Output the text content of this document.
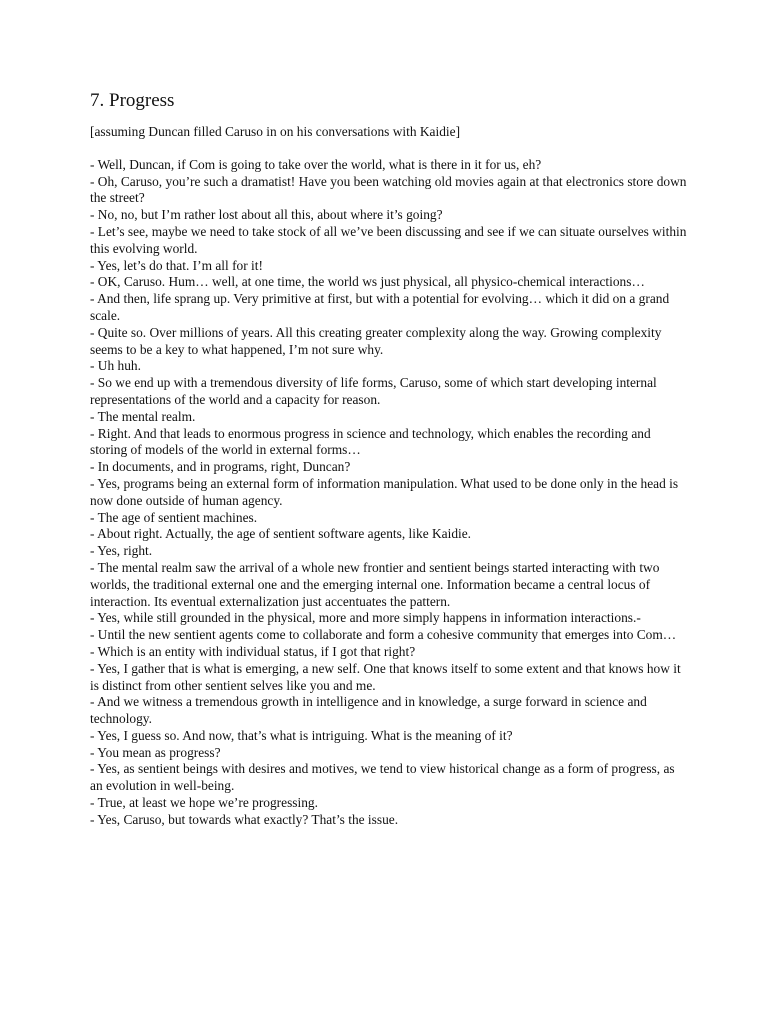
7. Progress

[assuming Duncan filled Caruso in on his conversations with Kaidie]

- Well, Duncan, if Com is going to take over the world, what is there in it for us, eh?

- Oh, Caruso, you’re such a dramatist! Have you been watching old movies again at that electronics store down the street?

- No, no, but I’m rather lost about all this, about where it’s going?

- Let’s see, maybe we need to take stock of all we’ve been discussing and see if we can situate ourselves within this evolving world.

- Yes, let’s do that. I’m all for it!

- OK, Caruso. Hum… well, at one time, the world ws just physical, all physico-chemical interactions…

- And then, life sprang up. Very primitive at first, but with a potential for evolving… which it did on a grand scale.

- Quite so. Over millions of years. All this creating greater complexity along the way. Growing complexity seems to be a key to what happened, I’m not sure why.

- Uh huh.

- So we end up with a tremendous diversity of life forms, Caruso, some of which start developing internal representations of the world and a capacity for reason.

- The mental realm.

- Right. And that leads to enormous progress in science and technology, which enables the recording and storing of models of the world in external forms…

- In documents, and in programs, right, Duncan?

- Yes, programs being an external form of information manipulation. What used to be done only in the head is now done outside of human agency.

- The age of sentient machines.

- About right. Actually, the age of sentient software agents, like Kaidie.

- Yes, right.

- The mental realm saw the arrival of a whole new frontier and sentient beings started interacting with two worlds, the traditional external one and the emerging internal one. Information became a central locus of interaction. Its eventual externalization just accentuates the pattern.

- Yes, while still grounded in the physical, more and more simply happens in information interactions.-

- Until the new sentient agents come to collaborate and form a cohesive community that emerges into Com…

- Which is an entity with individual status, if I got that right?

- Yes, I gather that is what is emerging, a new self. One that knows itself to some extent and that knows how it is distinct from other sentient selves like you and me.

- And we witness a tremendous growth in intelligence and in knowledge, a surge forward in science and technology.

- Yes, I guess so. And now, that’s what is intriguing. What is the meaning of it?

- You mean as progress?

- Yes, as sentient beings with desires and motives, we tend to view historical change as a form of progress, as an evolution in well-being.

- True, at least we hope we’re progressing.

- Yes, Caruso, but towards what exactly? That’s the issue.
